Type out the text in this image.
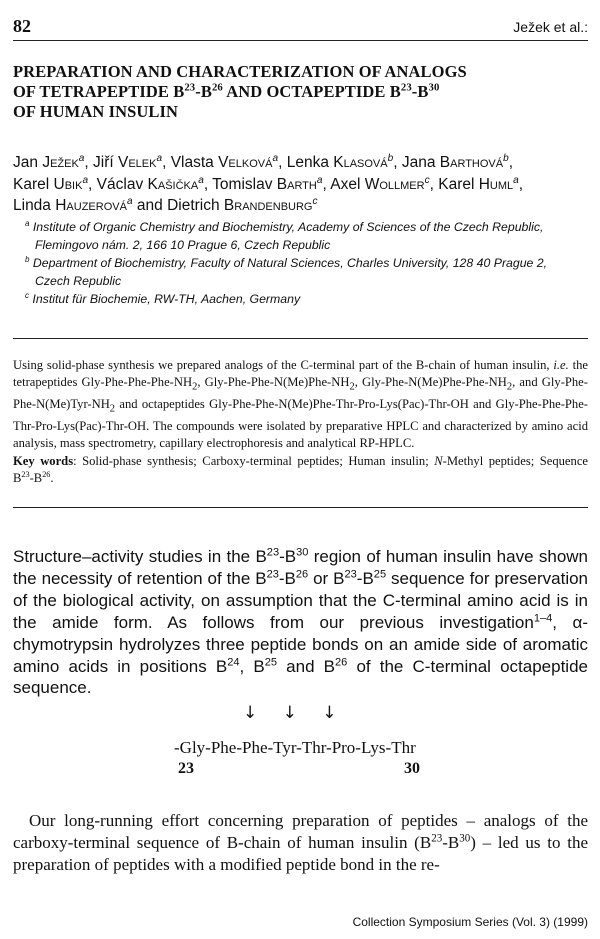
82	Ježek et al.:

PREPARATION AND CHARACTERIZATION OF ANALOGS

OF TETRAPEPTIDE $B^{23}-B^{26}$ AND OCTAPEPTIDE $B^{23}-B^{30}$

OF HUMAN INSULIN

Jan Ježek$^a$, Jiří Velek$^a$, Vlasta Velková$^a$, Lenka Klasová$^b$, Jana Barthová$^b$,

Karel Ubik$^a$, Václav Kašička$^a$, Tomislav Barth$^a$, Axel Wollmer$^c$, Karel Huml$^a$,

Linda Hauzerová$^a$ and Dietrich Brandenburg$^c$

$^a$ Institute of Organic Chemistry and Biochemistry, Academy of Sciences of the Czech Republic,
Flemingovo nám. 2, 166 10 Prague 6, Czech Republic

$^b$ Department of Biochemistry, Faculty of Natural Sciences, Charles University, 128 40 Prague 2,
Czech Republic

$^c$ Institut für Biochemie, RW-TH, Aachen, Germany

Using solid-phase synthesis we prepared analogs of the C-terminal part of the B-chain of human insulin, i.e. the tetrapeptides Gly-$Phe-Phe-Phe-NH_2$, Gly-$Phe-Phe-N(Me)Phe-NH_2$, Gly-$Phe-N(Me)Phe-Phe-NH_2$, and Gly-$Phe-Phe-N(Me)Tyr-NH_2$ and octapeptides Gly-Phe-Phe-N(Me)Phe-Thr-Pro-Lys(Pac)-Thr-OH and Gly-Phe-Phe-Phe-Thr-Pro-Lys(Pac)-Thr-OH. The compounds were isolated by preparative HPLC and characterized by amino acid analysis, mass spectrometry, capillary electrophoresis and analytical RP-HPLC.

Key words: Solid-phase synthesis; Carboxy-terminal peptides; Human insulin; N-Methyl peptides; Sequence $B^{23}-B^{26}$.

Structure–activity studies in the $B^{23}-B^{30}$ region of human insulin have shown the necessity of retention of the $B^{23}-B^{26}$ or $B^{23}-B^{25}$ sequence for preservation of the biological activity, on assumption that the C-terminal amino acid is in the amide form. As follows from our previous investigation$^{1-4}$, α-chymotrypsin hydrolyzes three peptide bonds on an amide side of aromatic amino acids in positions $B^{24}$, $B^{25}$ and $B^{26}$ of the C-terminal octapeptide sequence.

↓ ↓ ↓
-Gly-Phe-Phe-Tyr-Thr-Pro-Lys-Thr
23	30

Our long-running effort concerning preparation of peptides – analogs of the carboxy-terminal sequence of B-chain of human insulin $(B^{23}-B^{30})$ – led us to the preparation of peptides with a modified peptide bond in the re-

Collection Symposium Series (Vol. 3) (1999)
